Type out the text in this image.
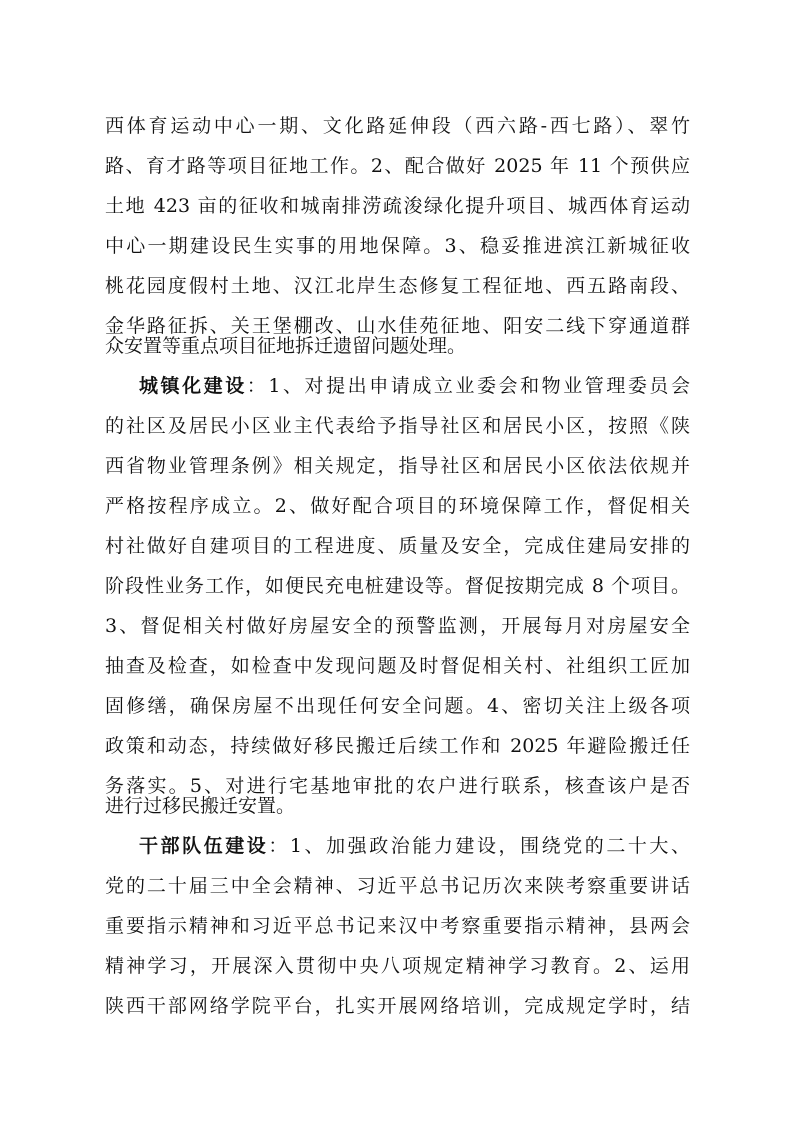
西体育运动中心一期、文化路延伸段（西六路-西七路）、翠竹
路、育才路等项目征地工作。2、配合做好 2025 年 11 个预供应
土地 423 亩的征收和城南排涝疏浚绿化提升项目、城西体育运动
中心一期建设民生实事的用地保障。3、稳妥推进滨江新城征收
桃花园度假村土地、汉江北岸生态修复工程征地、西五路南段、
金华路征拆、关王堡棚改、山水佳苑征地、阳安二线下穿通道群
众安置等重点项目征地拆迁遗留问题处理。
城镇化建设：1、对提出申请成立业委会和物业管理委员会
的社区及居民小区业主代表给予指导社区和居民小区，按照《陕
西省物业管理条例》相关规定，指导社区和居民小区依法依规并
严格按程序成立。2、做好配合项目的环境保障工作，督促相关
村社做好自建项目的工程进度、质量及安全，完成住建局安排的
阶段性业务工作，如便民充电桩建设等。督促按期完成 8 个项目。
3、督促相关村做好房屋安全的预警监测，开展每月对房屋安全
抽查及检查，如检查中发现问题及时督促相关村、社组织工匠加
固修缮，确保房屋不出现任何安全问题。4、密切关注上级各项
政策和动态，持续做好移民搬迁后续工作和 2025 年避险搬迁任
务落实。5、对进行宅基地审批的农户进行联系，核查该户是否
进行过移民搬迁安置。
干部队伍建设：1、加强政治能力建设，围绕党的二十大、
党的二十届三中全会精神、习近平总书记历次来陕考察重要讲话
重要指示精神和习近平总书记来汉中考察重要指示精神，县两会
精神学习，开展深入贯彻中央八项规定精神学习教育。2、运用
陕西干部网络学院平台，扎实开展网络培训，完成规定学时，结
